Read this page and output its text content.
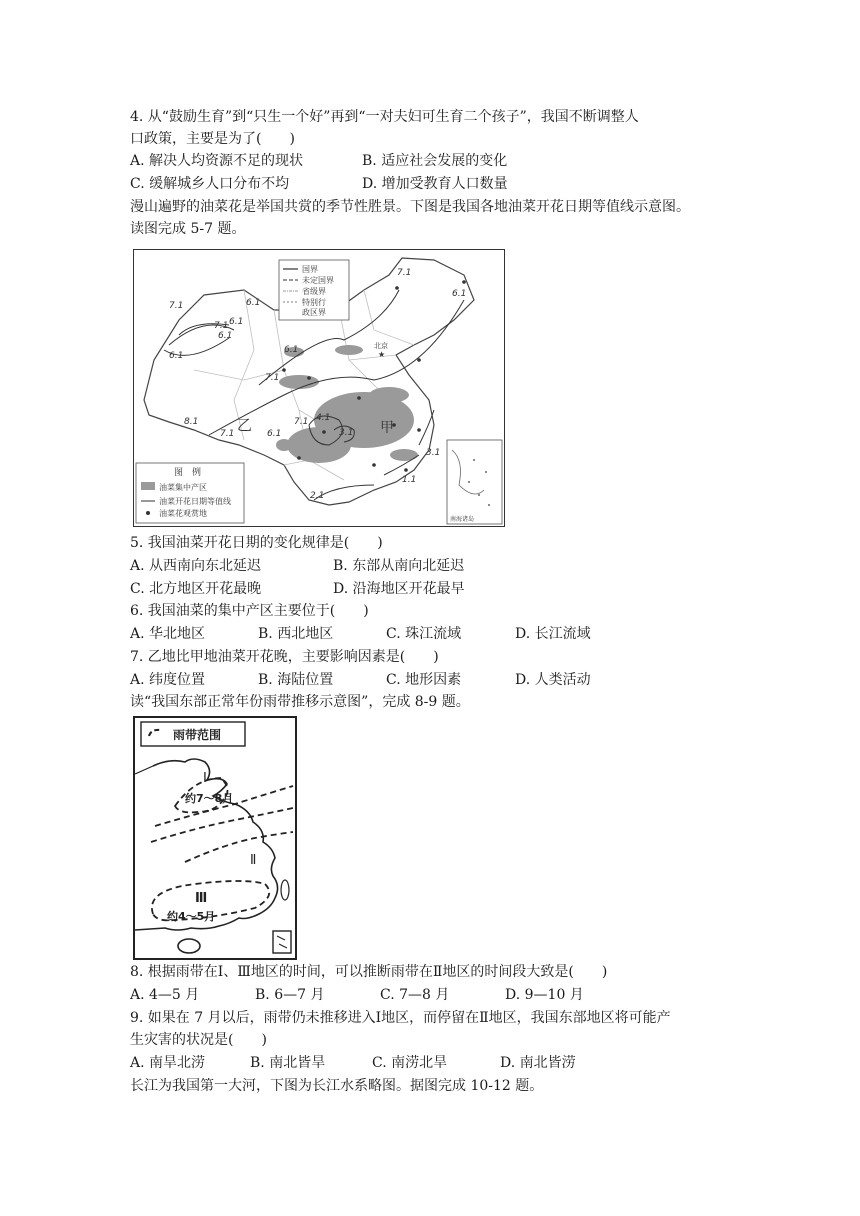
4. 从“鼓励生育”到“只生一个好”再到“一对夫妇可生育二个孩子”，我国不断调整人
口政策，主要是为了(　　)
A. 解决人均资源不足的现状	B. 适应社会发展的变化
C. 缓解城乡人口分布不均	D. 增加受教育人口数量
漫山遍野的油菜花是举国共赏的季节性胜景。下图是我国各地油菜开花日期等值线示意图。
读图完成 5-7 题。
★
北京
乙	甲
7.1
6.1
7.1	6.1
7.1 6.1
6.1
6.1
7.1
8.1
7.1
6.1
4.1
3.1
2.1
1.1
3.1
6.1
7.1
国界
未定国界
省级界
特别行
政区界
图　例
油菜集中产区
油菜开花日期等值线
油菜花观赏地
南海诸岛
5. 我国油菜开花日期的变化规律是(　　)
A. 从西南向东北延迟	B. 东部从南向北延迟
C. 北方地区开花最晚	D. 沿海地区开花最早
6. 我国油菜的集中产区主要位于(　　)
A. 华北地区	B. 西北地区	C. 珠江流域	D. 长江流域
7. 乙地比甲地油菜开花晚，主要影响因素是(　　)
A. 纬度位置	B. 海陆位置	C. 地形因素	D. 人类活动
读“我国东部正常年份雨带推移示意图”，完成 8-9 题。
雨带范围
Ⅰ
约7～8月
Ⅱ
Ⅲ
约4～5月
8. 根据雨带在Ⅰ、Ⅲ地区的时间，可以推断雨带在Ⅱ地区的时间段大致是(　　)
A. 4—5 月	B. 6—7 月	C. 7—8 月	D. 9—10 月
9. 如果在 7 月以后，雨带仍未推移进入Ⅰ地区，而停留在Ⅱ地区，我国东部地区将可能产
生灾害的状况是(　　)
A. 南旱北涝	B. 南北皆旱	C. 南涝北旱	D. 南北皆涝
长江为我国第一大河，下图为长江水系略图。据图完成 10-12 题。
